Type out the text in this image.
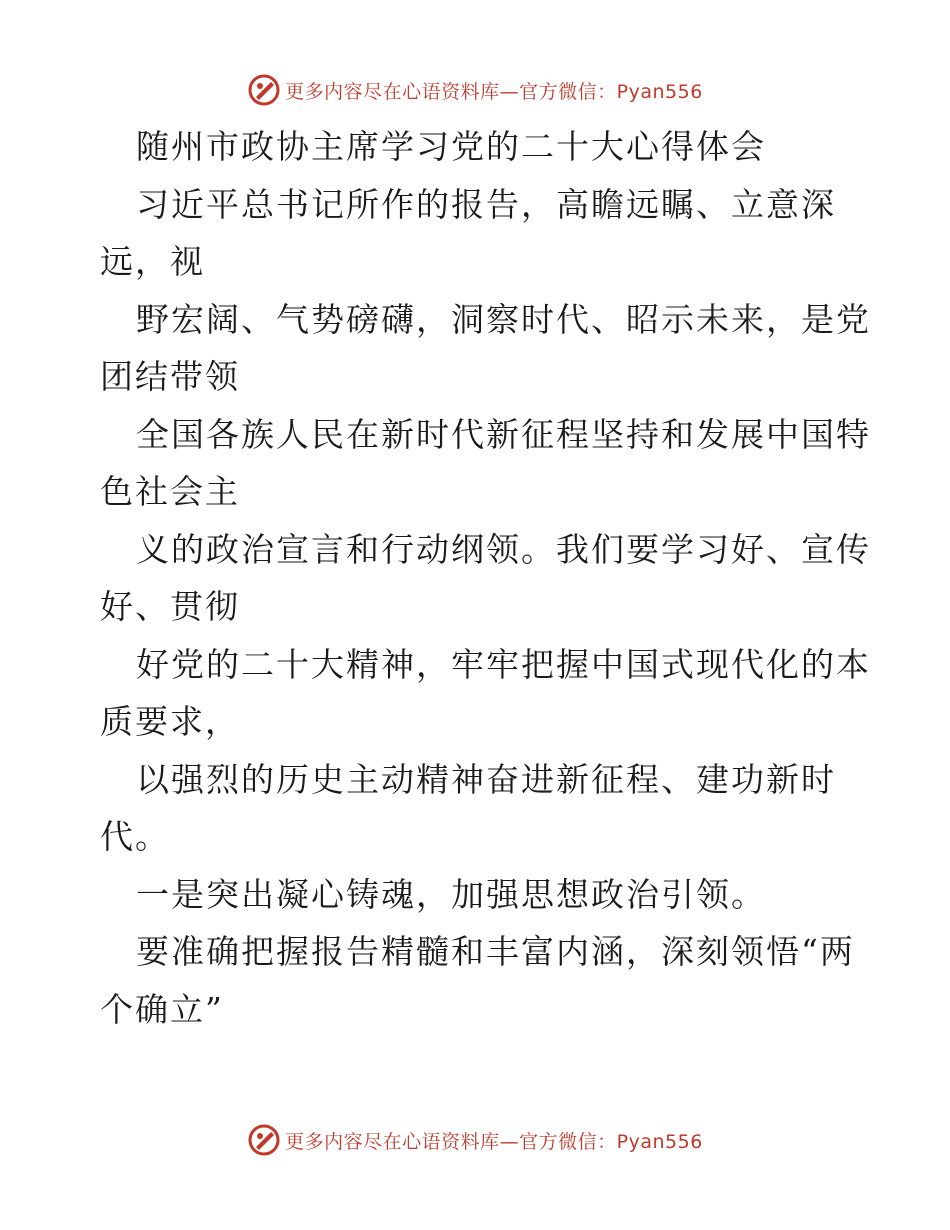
更多内容尽在心语资料库—官方微信：Pyan556
随州市政协主席学习党的二十大心得体会
习近平总书记所作的报告，高瞻远瞩、立意深
远，视
野宏阔、气势磅礴，洞察时代、昭示未来，是党
团结带领
全国各族人民在新时代新征程坚持和发展中国特
色社会主
义的政治宣言和行动纲领。我们要学习好、宣传
好、贯彻
好党的二十大精神，牢牢把握中国式现代化的本
质要求，
以强烈的历史主动精神奋进新征程、建功新时
代。
一是突出凝心铸魂，加强思想政治引领。
要准确把握报告精髓和丰富内涵，深刻领悟“两
个确立”
更多内容尽在心语资料库—官方微信：Pyan556
